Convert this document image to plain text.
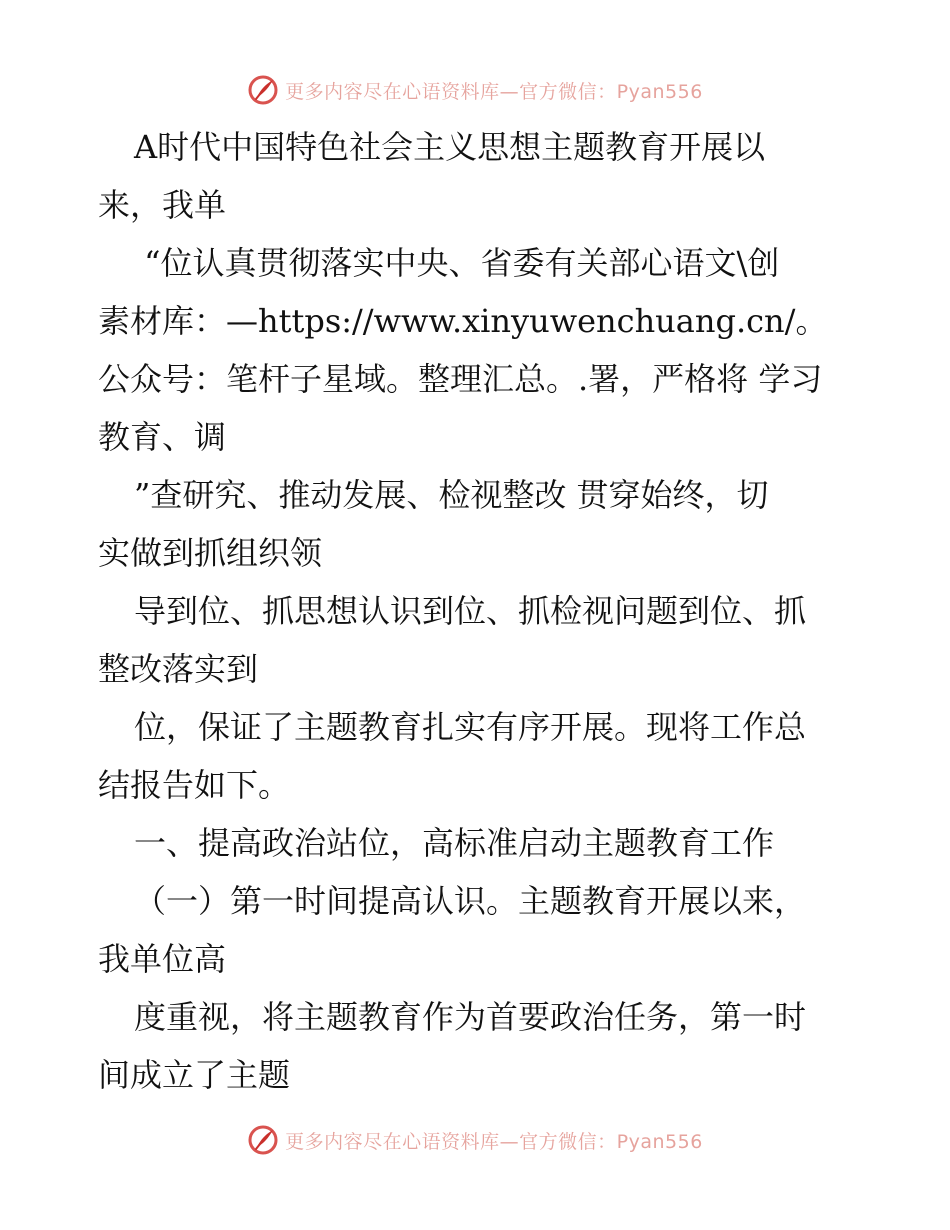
更多内容尽在心语资料库—官方微信：Pyan556

A时代中国特色社会主义思想主题教育开展以
来，我单

“位认真贯彻落实中央、省委有关部心语文\创
素材库：—https://www.xinyuwenchuang.cn/。公众号：笔杆子星域。整理汇总。.署，严格将 学习教育、调

”查研究、推动发展、检视整改 贯穿始终，切
实做到抓组织领

导到位、抓思想认识到位、抓检视问题到位、抓
整改落实到

位，保证了主题教育扎实有序开展。现将工作总
结报告如下。

一、提高政治站位，高标准启动主题教育工作

（一）第一时间提高认识。主题教育开展以来，
我单位高

度重视，将主题教育作为首要政治任务，第一时
间成立了主题

更多内容尽在心语资料库—官方微信：Pyan556
